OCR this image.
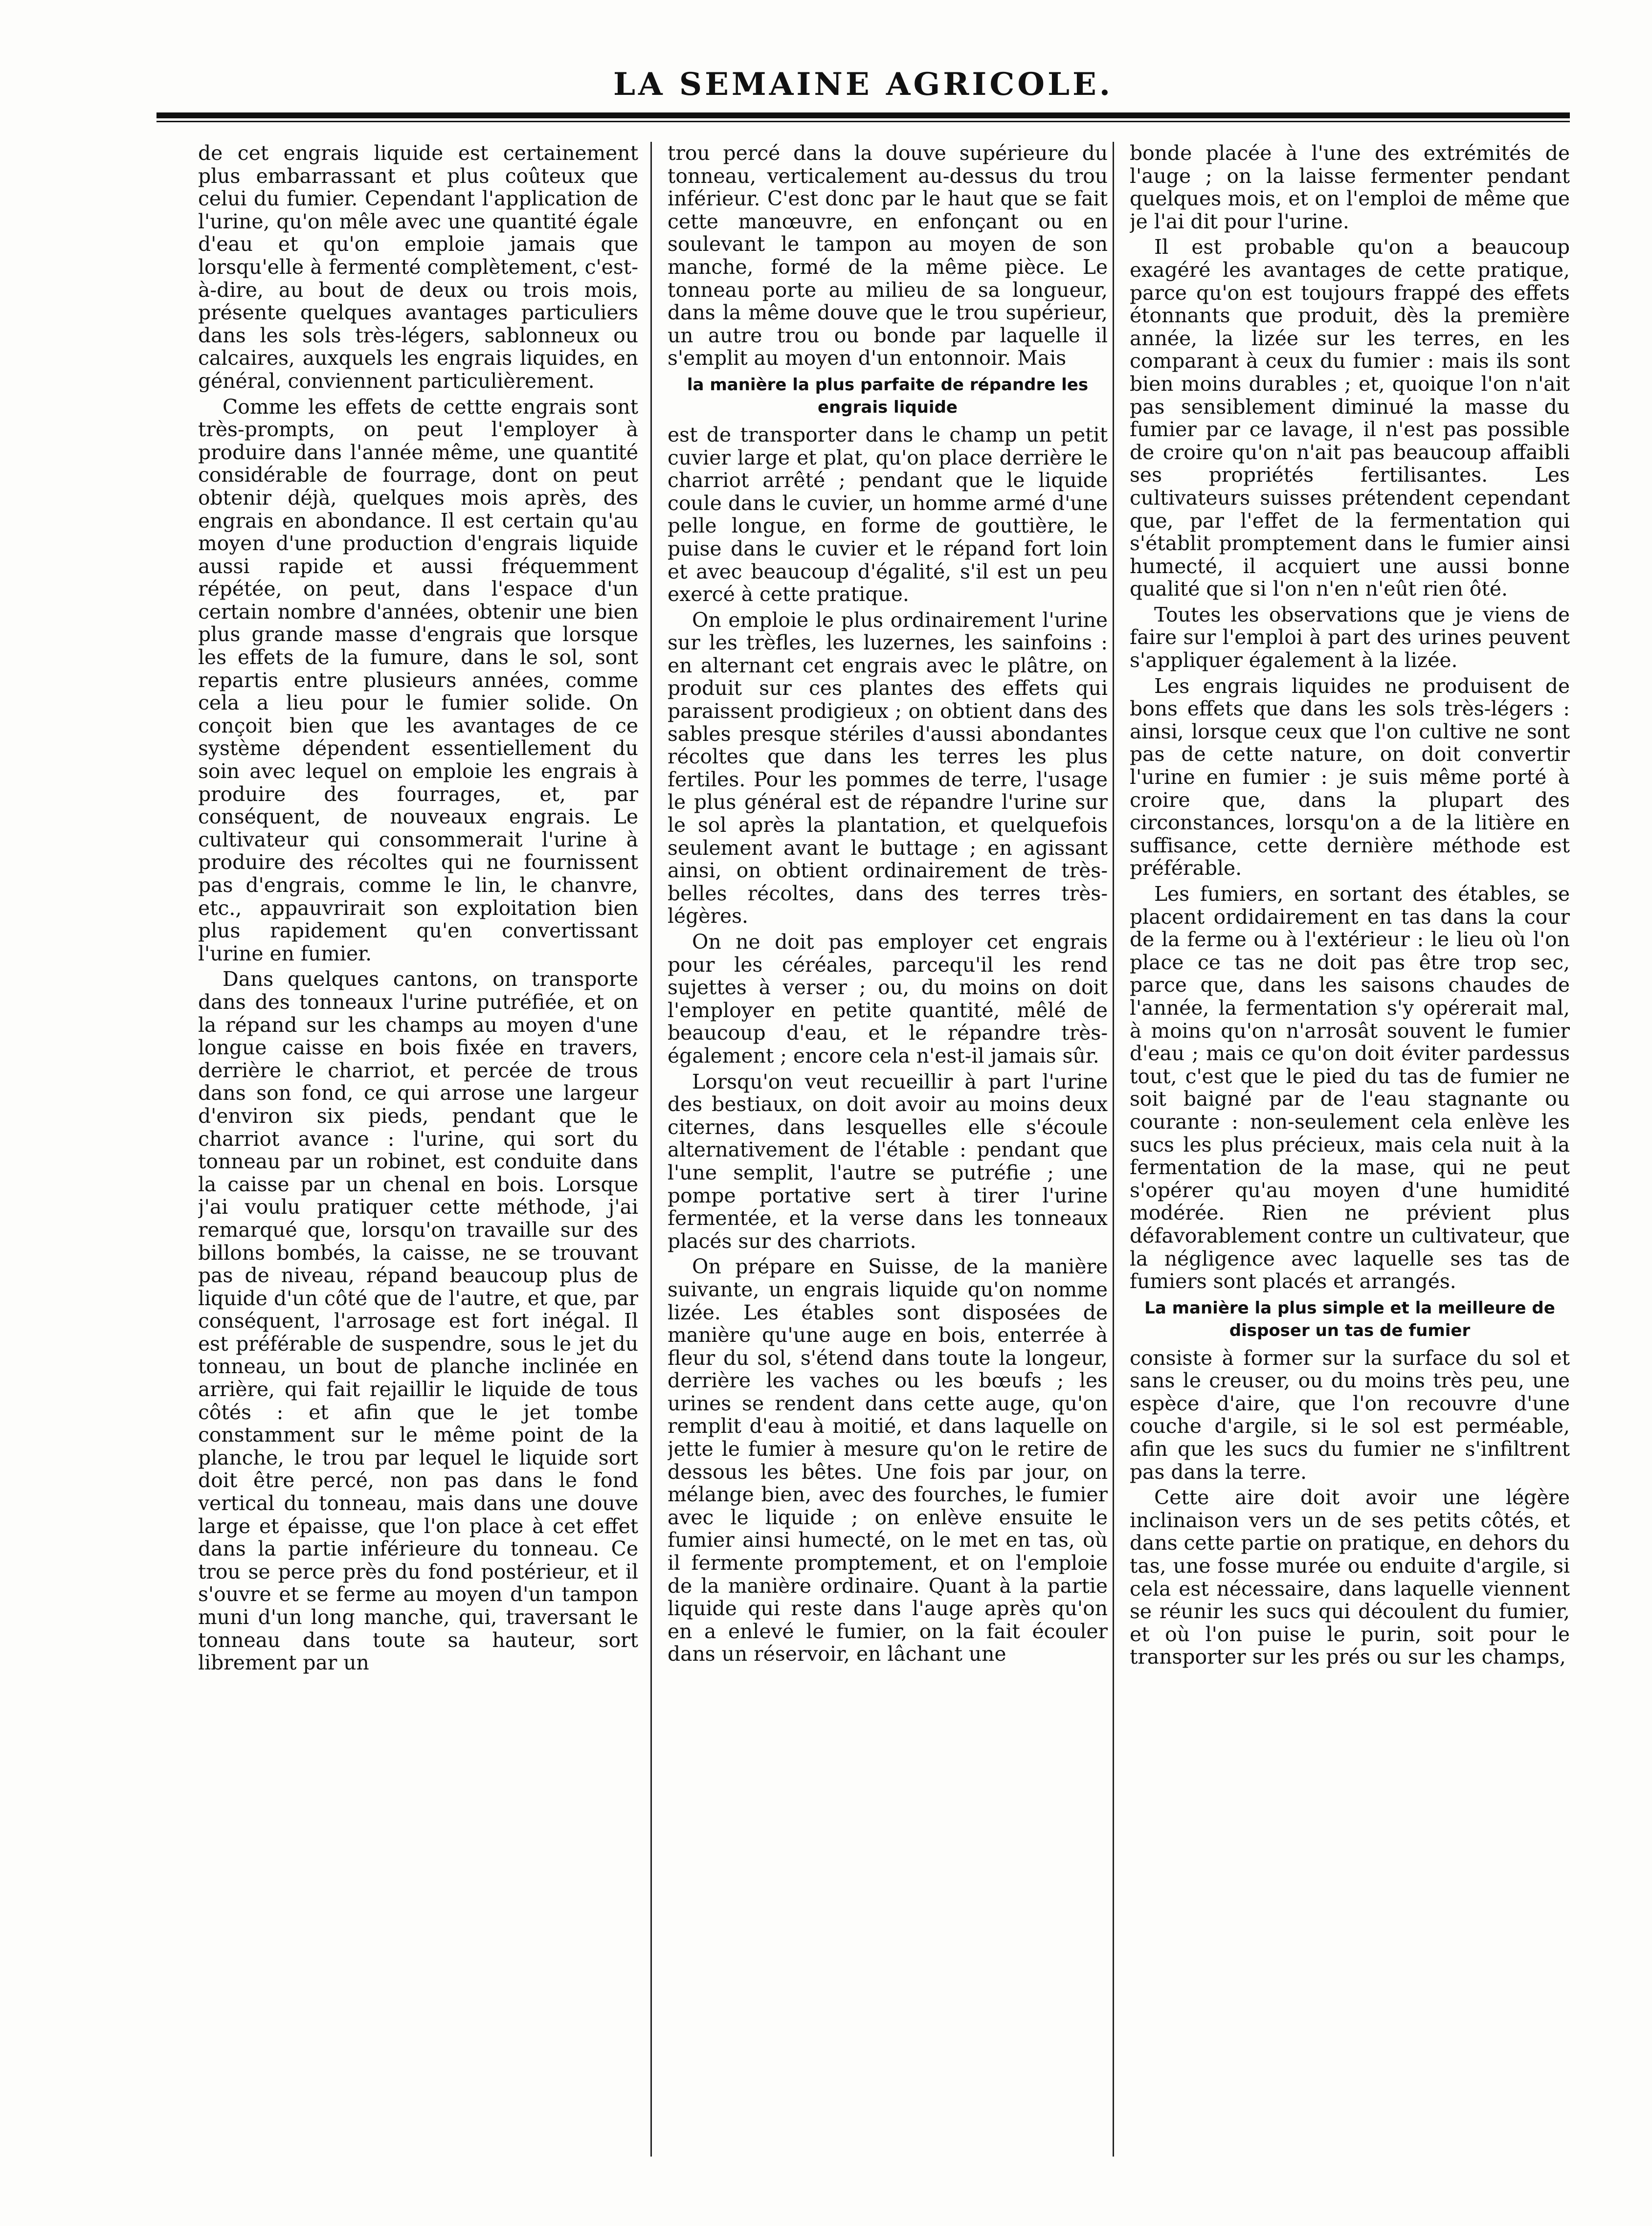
LA SEMAINE AGRICOLE.

de cet engrais liquide est certainement plus embarrassant et plus coûteux que celui du fumier. Cependant l'application de l'urine, qu'on mêle avec une quantité égale d'eau et qu'on emploie jamais que lorsqu'elle à fermenté complètement, c'est-à-dire, au bout de deux ou trois mois, présente quelques avantages particuliers dans les sols très-légers, sablonneux ou calcaires, auxquels les engrais liquides, en général, conviennent particulièrement.

Comme les effets de cettte engrais sont très-prompts, on peut l'employer à produire dans l'année même, une quantité considérable de fourrage, dont on peut obtenir déjà, quelques mois après, des engrais en abondance. Il est certain qu'au moyen d'une production d'engrais liquide aussi rapide et aussi fréquemment répétée, on peut, dans l'espace d'un certain nombre d'années, obtenir une bien plus grande masse d'engrais que lorsque les effets de la fumure, dans le sol, sont repartis entre plusieurs années, comme cela a lieu pour le fumier solide. On conçoit bien que les avantages de ce système dépendent essentiellement du soin avec lequel on emploie les engrais à produire des fourrages, et, par conséquent, de nouveaux engrais. Le cultivateur qui consommerait l'urine à produire des récoltes qui ne fournissent pas d'engrais, comme le lin, le chanvre, etc., appauvrirait son exploitation bien plus rapidement qu'en convertissant l'urine en fumier.

Dans quelques cantons, on transporte dans des tonneaux l'urine putréfiée, et on la répand sur les champs au moyen d'une longue caisse en bois fixée en travers, derrière le charriot, et percée de trous dans son fond, ce qui arrose une largeur d'environ six pieds, pendant que le charriot avance : l'urine, qui sort du tonneau par un robinet, est conduite dans la caisse par un chenal en bois. Lorsque j'ai voulu pratiquer cette méthode, j'ai remarqué que, lorsqu'on travaille sur des billons bombés, la caisse, ne se trouvant pas de niveau, répand beaucoup plus de liquide d'un côté que de l'autre, et que, par conséquent, l'arrosage est fort inégal. Il est préférable de suspendre, sous le jet du tonneau, un bout de planche inclinée en arrière, qui fait rejaillir le liquide de tous côtés : et afin que le jet tombe constamment sur le même point de la planche, le trou par lequel le liquide sort doit être percé, non pas dans le fond vertical du tonneau, mais dans une douve large et épaisse, que l'on place à cet effet dans la partie inférieure du tonneau. Ce trou se perce près du fond postérieur, et il s'ouvre et se ferme au moyen d'un tampon muni d'un long manche, qui, traversant le tonneau dans toute sa hauteur, sort librement par un

trou percé dans la douve supérieure du tonneau, verticalement au-dessus du trou inférieur. C'est donc par le haut que se fait cette manœuvre, en enfonçant ou en soulevant le tampon au moyen de son manche, formé de la même pièce. Le tonneau porte au milieu de sa longueur, dans la même douve que le trou supérieur, un autre trou ou bonde par laquelle il s'emplit au moyen d'un entonnoir. Mais

la manière la plus parfaite de répandre les engrais liquide

est de transporter dans le champ un petit cuvier large et plat, qu'on place derrière le charriot arrêté ; pendant que le liquide coule dans le cuvier, un homme armé d'une pelle longue, en forme de gouttière, le puise dans le cuvier et le répand fort loin et avec beaucoup d'égalité, s'il est un peu exercé à cette pratique.

On emploie le plus ordinairement l'urine sur les trèfles, les luzernes, les sainfoins : en alternant cet engrais avec le plâtre, on produit sur ces plantes des effets qui paraissent prodigieux ; on obtient dans des sables presque stériles d'aussi abondantes récoltes que dans les terres les plus fertiles. Pour les pommes de terre, l'usage le plus général est de répandre l'urine sur le sol après la plantation, et quelquefois seulement avant le buttage ; en agissant ainsi, on obtient ordinairement de très-belles récoltes, dans des terres très-légères.

On ne doit pas employer cet engrais pour les céréales, parcequ'il les rend sujettes à verser ; ou, du moins on doit l'employer en petite quantité, mêlé de beaucoup d'eau, et le répandre très-également ; encore cela n'est-il jamais sûr.

Lorsqu'on veut recueillir à part l'urine des bestiaux, on doit avoir au moins deux citernes, dans lesquelles elle s'écoule alternativement de l'étable : pendant que l'une semplit, l'autre se putréfie ; une pompe portative sert à tirer l'urine fermentée, et la verse dans les tonneaux placés sur des charriots.

On prépare en Suisse, de la manière suivante, un engrais liquide qu'on nomme lizée. Les étables sont disposées de manière qu'une auge en bois, enterrée à fleur du sol, s'étend dans toute la longeur, derrière les vaches ou les bœufs ; les urines se rendent dans cette auge, qu'on remplit d'eau à moitié, et dans laquelle on jette le fumier à mesure qu'on le retire de dessous les bêtes. Une fois par jour, on mélange bien, avec des fourches, le fumier avec le liquide ; on enlève ensuite le fumier ainsi humecté, on le met en tas, où il fermente promptement, et on l'emploie de la manière ordinaire. Quant à la partie liquide qui reste dans l'auge après qu'on en a enlevé le fumier, on la fait écouler dans un réservoir, en lâchant une

bonde placée à l'une des extrémités de l'auge ; on la laisse fermenter pendant quelques mois, et on l'emploi de même que je l'ai dit pour l'urine.

Il est probable qu'on a beaucoup exagéré les avantages de cette pratique, parce qu'on est toujours frappé des effets étonnants que produit, dès la première année, la lizée sur les terres, en les comparant à ceux du fumier : mais ils sont bien moins durables ; et, quoique l'on n'ait pas sensiblement diminué la masse du fumier par ce lavage, il n'est pas possible de croire qu'on n'ait pas beaucoup affaibli ses propriétés fertilisantes. Les cultivateurs suisses prétendent cependant que, par l'effet de la fermentation qui s'établit promptement dans le fumier ainsi humecté, il acquiert une aussi bonne qualité que si l'on n'en n'eût rien ôté.

Toutes les observations que je viens de faire sur l'emploi à part des urines peuvent s'appliquer également à la lizée.

Les engrais liquides ne produisent de bons effets que dans les sols très-légers : ainsi, lorsque ceux que l'on cultive ne sont pas de cette nature, on doit convertir l'urine en fumier : je suis même porté à croire que, dans la plupart des circonstances, lorsqu'on a de la litière en suffisance, cette dernière méthode est préférable.

Les fumiers, en sortant des étables, se placent ordidairement en tas dans la cour de la ferme ou à l'extérieur : le lieu où l'on place ce tas ne doit pas être trop sec, parce que, dans les saisons chaudes de l'année, la fermentation s'y opérerait mal, à moins qu'on n'arrosât souvent le fumier d'eau ; mais ce qu'on doit éviter pardessus tout, c'est que le pied du tas de fumier ne soit baigné par de l'eau stagnante ou courante : non-seulement cela enlève les sucs les plus précieux, mais cela nuit à la fermentation de la mase, qui ne peut s'opérer qu'au moyen d'une humidité modérée. Rien ne prévient plus défavorablement contre un cultivateur, que la négligence avec laquelle ses tas de fumiers sont placés et arrangés.

La manière la plus simple et la meilleure de disposer un tas de fumier

consiste à former sur la surface du sol et sans le creuser, ou du moins très peu, une espèce d'aire, que l'on recouvre d'une couche d'argile, si le sol est perméable, afin que les sucs du fumier ne s'infiltrent pas dans la terre.

Cette aire doit avoir une légère inclinaison vers un de ses petits côtés, et dans cette partie on pratique, en dehors du tas, une fosse murée ou enduite d'argile, si cela est nécessaire, dans laquelle viennent se réunir les sucs qui découlent du fumier, et où l'on puise le purin, soit pour le transporter sur les prés ou sur les champs,
